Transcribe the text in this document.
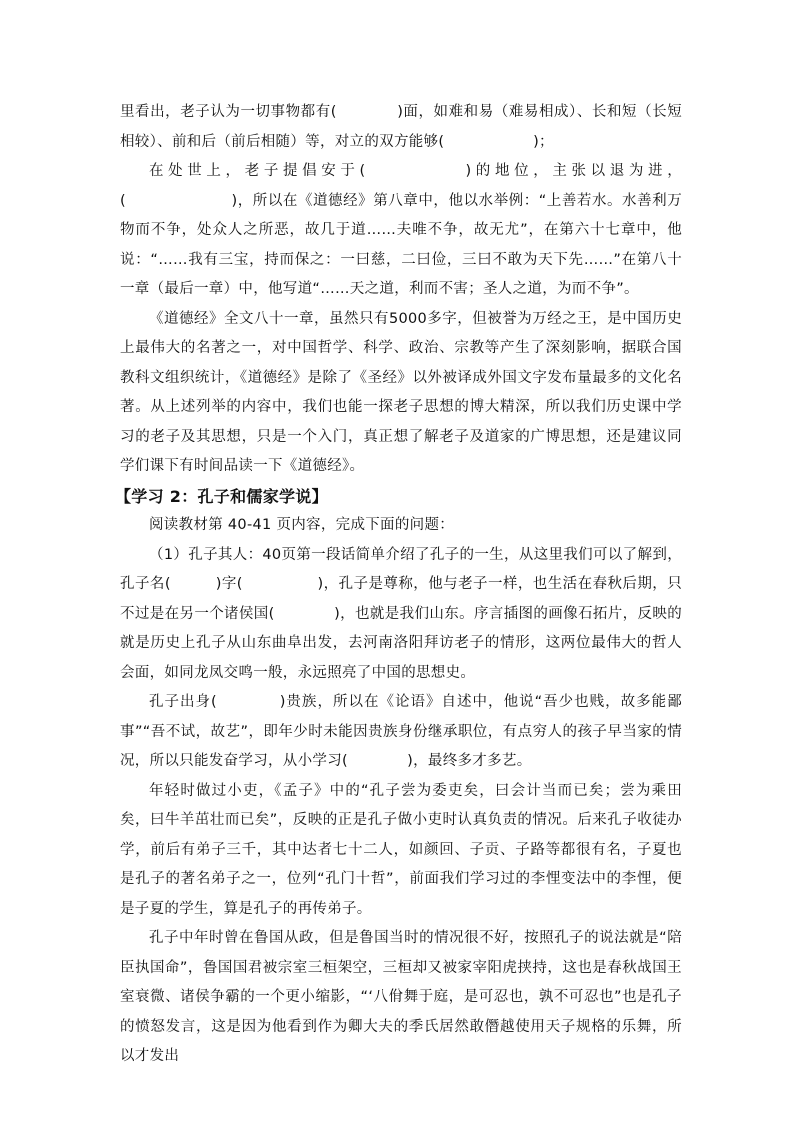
里看出，老子认为一切事物都有(　　　　)面，如难和易（难易相成）、长和短（长短相较）、前和后（前后相随）等，对立的双方能够(　　　　　　)；

在处世上，老子提倡安于(　　　　　)的地位，主张以退为进，(　　　　　　　)，所以在《道德经》第八章中，他以水举例：“上善若水。水善利万物而不争，处众人之所恶，故几于道……夫唯不争，故无尤”，在第六十七章中，他说：“……我有三宝，持而保之：一曰慈，二曰俭，三曰不敢为天下先……”在第八十一章（最后一章）中，他写道“……天之道，利而不害；圣人之道，为而不争”。

《道德经》全文八十一章，虽然只有5000多字，但被誉为万经之王，是中国历史上最伟大的名著之一，对中国哲学、科学、政治、宗教等产生了深刻影响，据联合国教科文组织统计，《道德经》是除了《圣经》以外被译成外国文字发布量最多的文化名著。从上述列举的内容中，我们也能一探老子思想的博大精深，所以我们历史课中学习的老子及其思想，只是一个入门，真正想了解老子及道家的广博思想，还是建议同学们课下有时间品读一下《道德经》。

【学习 2：孔子和儒家学说】

阅读教材第 40-41 页内容，完成下面的问题：

（1）孔子其人：40页第一段话简单介绍了孔子的一生，从这里我们可以了解到，孔子名(　　　)字(　　　　　)，孔子是尊称，他与老子一样，也生活在春秋后期，只不过是在另一个诸侯国(　　　　)，也就是我们山东。序言插图的画像石拓片，反映的就是历史上孔子从山东曲阜出发，去河南洛阳拜访老子的情形，这两位最伟大的哲人会面，如同龙凤交鸣一般，永远照亮了中国的思想史。

孔子出身(　　　　)贵族，所以在《论语》自述中，他说“吾少也贱，故多能鄙事”“吾不试，故艺”，即年少时未能因贵族身份继承职位，有点穷人的孩子早当家的情况，所以只能发奋学习，从小学习(　　　　)，最终多才多艺。

年轻时做过小吏，《孟子》中的“孔子尝为委吏矣，曰会计当而已矣；尝为乘田矣，曰牛羊茁壮而已矣”，反映的正是孔子做小吏时认真负责的情况。后来孔子收徒办学，前后有弟子三千，其中达者七十二人，如颜回、子贡、子路等都很有名，子夏也是孔子的著名弟子之一，位列“孔门十哲”，前面我们学习过的李悝变法中的李悝，便是子夏的学生，算是孔子的再传弟子。

孔子中年时曾在鲁国从政，但是鲁国当时的情况很不好，按照孔子的说法就是“陪臣执国命”，鲁国国君被宗室三桓架空，三桓却又被家宰阳虎挟持，这也是春秋战国王室衰微、诸侯争霸的一个更小缩影，“‘八佾舞于庭，是可忍也，孰不可忍也”也是孔子的愤怒发言，这是因为他看到作为卿大夫的季氏居然敢僭越使用天子规格的乐舞，所以才发出
